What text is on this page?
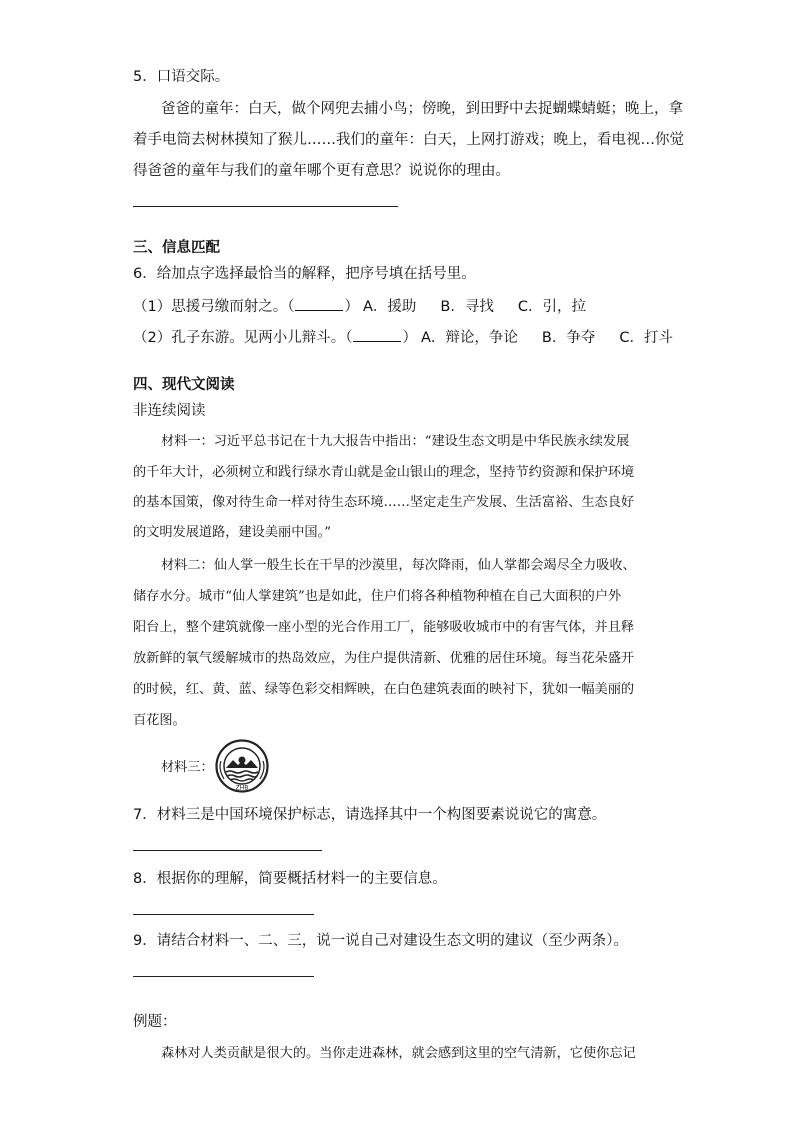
5．口语交际。
爸爸的童年：白天，做个网兜去捕小鸟；傍晚，到田野中去捉蝴蝶蜻蜓；晚上，拿
着手电筒去树林摸知了猴儿……我们的童年：白天，上网打游戏；晚上，看电视…你觉
得爸爸的童年与我们的童年哪个更有意思？说说你的理由。
三、信息匹配
6．给加点字选择最恰当的解释，把序号填在括号里。
（1）思援弓缴而射之。（	） A．援助 B．寻找 C．引，拉
（2）孔子东游。见两小儿辩斗。（	） A．辩论，争论 B．争夺 C．打斗
四、现代文阅读
非连续阅读
材料一：习近平总书记在十九大报告中指出：“建设生态文明是中华民族永续发展
的千年大计，必须树立和践行绿水青山就是金山银山的理念，坚持节约资源和保护环境
的基本国策，像对待生命一样对待生态环境……坚定走生产发展、生活富裕、生态良好
的文明发展道路，建设美丽中国。”
材料二：仙人掌一般生长在干旱的沙漠里，每次降雨，仙人掌都会竭尽全力吸收、
储存水分。城市“仙人掌建筑”也是如此，住户们将各种植物种植在自己大面积的户外
阳台上，整个建筑就像一座小型的光合作用工厂，能够吸收城市中的有害气体，并且释
放新鲜的氧气缓解城市的热岛效应，为住户提供清新、优雅的居住环境。每当花朵盛开
的时候，红、黄、蓝、绿等色彩交相辉映，在白色建筑表面的映衬下，犹如一幅美丽的
百花图。
材料三：
ZHB
7．材料三是中国环境保护标志，请选择其中一个构图要素说说它的寓意。
8．根据你的理解，简要概括材料一的主要信息。
9．请结合材料一、二、三，说一说自己对建设生态文明的建议（至少两条）。
例题：
森林对人类贡献是很大的。当你走进森林，就会感到这里的空气清新，它使你忘记
